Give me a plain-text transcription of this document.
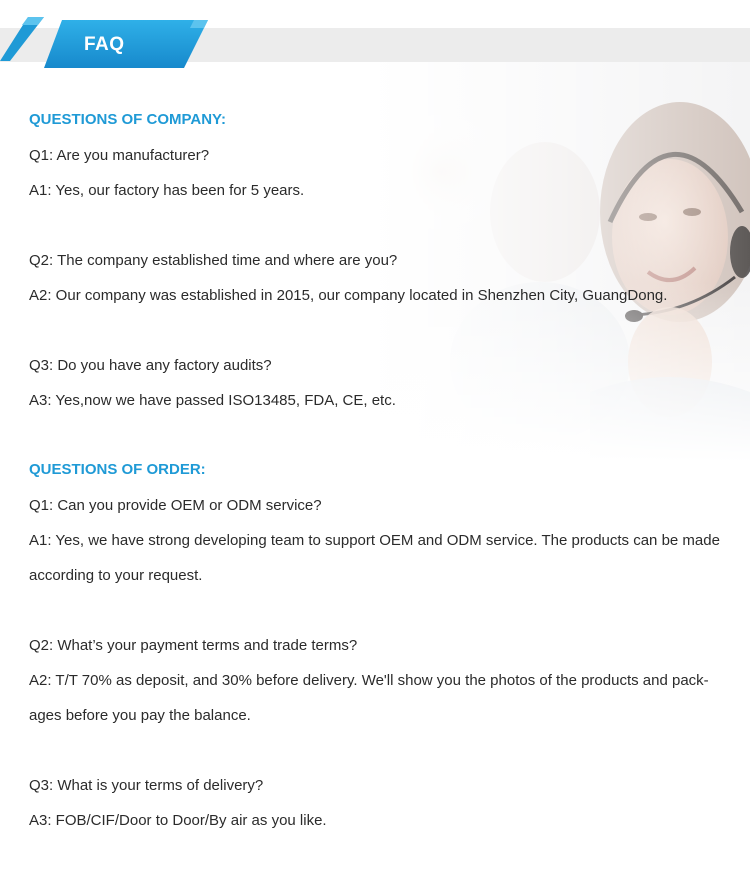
FAQ
QUESTIONS OF COMPANY:
Q1: Are you manufacturer?
A1: Yes, our factory has been for 5 years.
Q2: The company established time and where are you?
A2: Our company was established in 2015, our company located in Shenzhen City, GuangDong.
Q3: Do you have any factory audits?
A3: Yes,now we have passed ISO13485, FDA, CE, etc.
QUESTIONS OF ORDER:
Q1: Can you provide OEM or ODM service?
A1: Yes, we have strong developing team to support OEM and ODM service. The products can be made
according to your request.
Q2: What’s your payment terms and trade terms?
A2: T/T 70% as deposit, and 30% before delivery. We'll show you the photos of the products and pack-
ages before you pay the balance.
Q3: What is your terms of delivery?
A3: FOB/CIF/Door to Door/By air as you like.
